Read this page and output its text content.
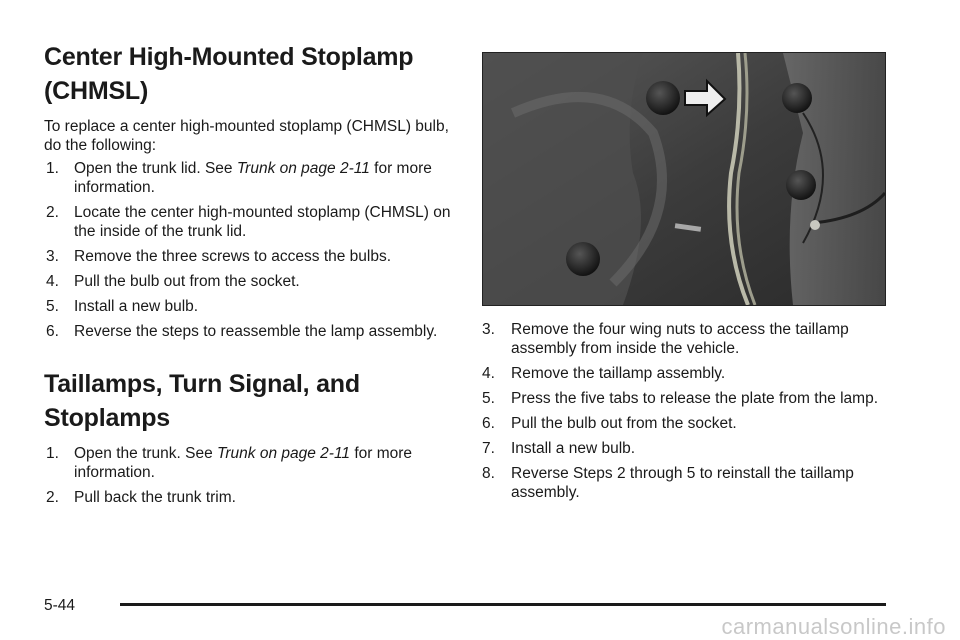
Center High-Mounted Stoplamp
(CHMSL)

To replace a center high-mounted stoplamp (CHMSL) bulb, do the following:

1. Open the trunk lid. See Trunk on page 2-11 for more information.
2. Locate the center high-mounted stoplamp (CHMSL) on the inside of the trunk lid.
3. Remove the three screws to access the bulbs.
4. Pull the bulb out from the socket.
5. Install a new bulb.
6. Reverse the steps to reassemble the lamp assembly.
Taillamps, Turn Signal, and
Stoplamps
1. Open the trunk. See Trunk on page 2-11 for more information.
2. Pull back the trunk trim.
3. Remove the four wing nuts to access the taillamp assembly from inside the vehicle.
4. Remove the taillamp assembly.
5. Press the five tabs to release the plate from the lamp.
6. Pull the bulb out from the socket.
7. Install a new bulb.
8. Reverse Steps 2 through 5 to reinstall the taillamp assembly.
5-44
carmanualsonline.info
